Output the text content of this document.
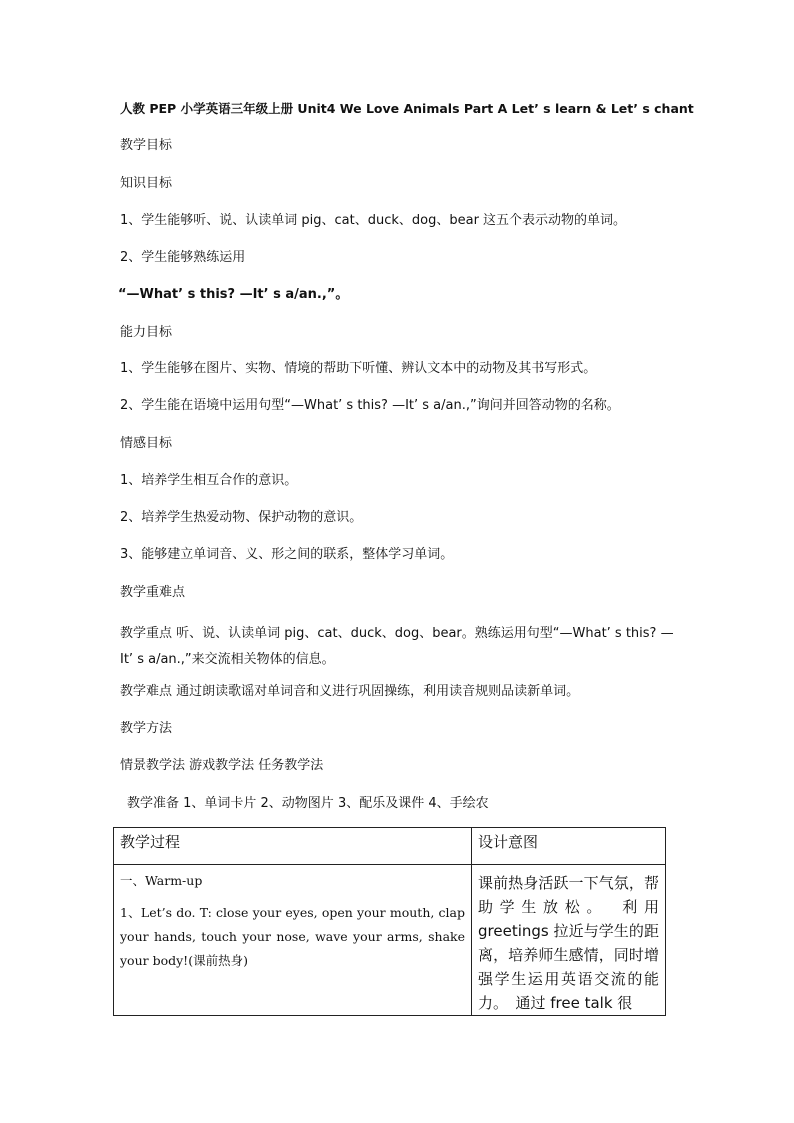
人教 PEP 小学英语三年级上册 Unit4 We Love Animals Part A Let’ s learn & Let’ s chant
教学目标
知识目标
1、学生能够听、说、认读单词 pig、cat、duck、dog、bear 这五个表示动物的单词。
2、学生能够熟练运用
“—What’ s this? —It’ s a/an.,”。
能力目标
1、学生能够在图片、实物、情境的帮助下听懂、辨认文本中的动物及其书写形式。
2、学生能在语境中运用句型“—What’ s this? —It’ s a/an.,”询问并回答动物的名称。
情感目标
1、培养学生相互合作的意识。
2、培养学生热爱动物、保护动物的意识。
3、能够建立单词音、义、形之间的联系，整体学习单词。
教学重难点
教学重点 听、说、认读单词 pig、cat、duck、dog、bear。熟练运用句型“—What’ s this? —It’ s a/an.,”来交流相关物体的信息。
教学难点 通过朗读歌谣对单词音和义进行巩固操练，利用读音规则品读新单词。
教学方法
情景教学法 游戏教学法 任务教学法
教学准备 1、单词卡片 2、动物图片 3、配乐及课件 4、手绘农
教学过程	设计意图

一、Warm-up

1、Let’s do. T: close your eyes, open your mouth, clap your hands, touch your nose, wave your arms, shake your body!(课前热身)	课前热身活跃一下气氛，帮助学生放松。　利用 greetings 拉近与学生的距离，培养师生感情，同时增强学生运用英语交流的能力。　通过 free talk 很
